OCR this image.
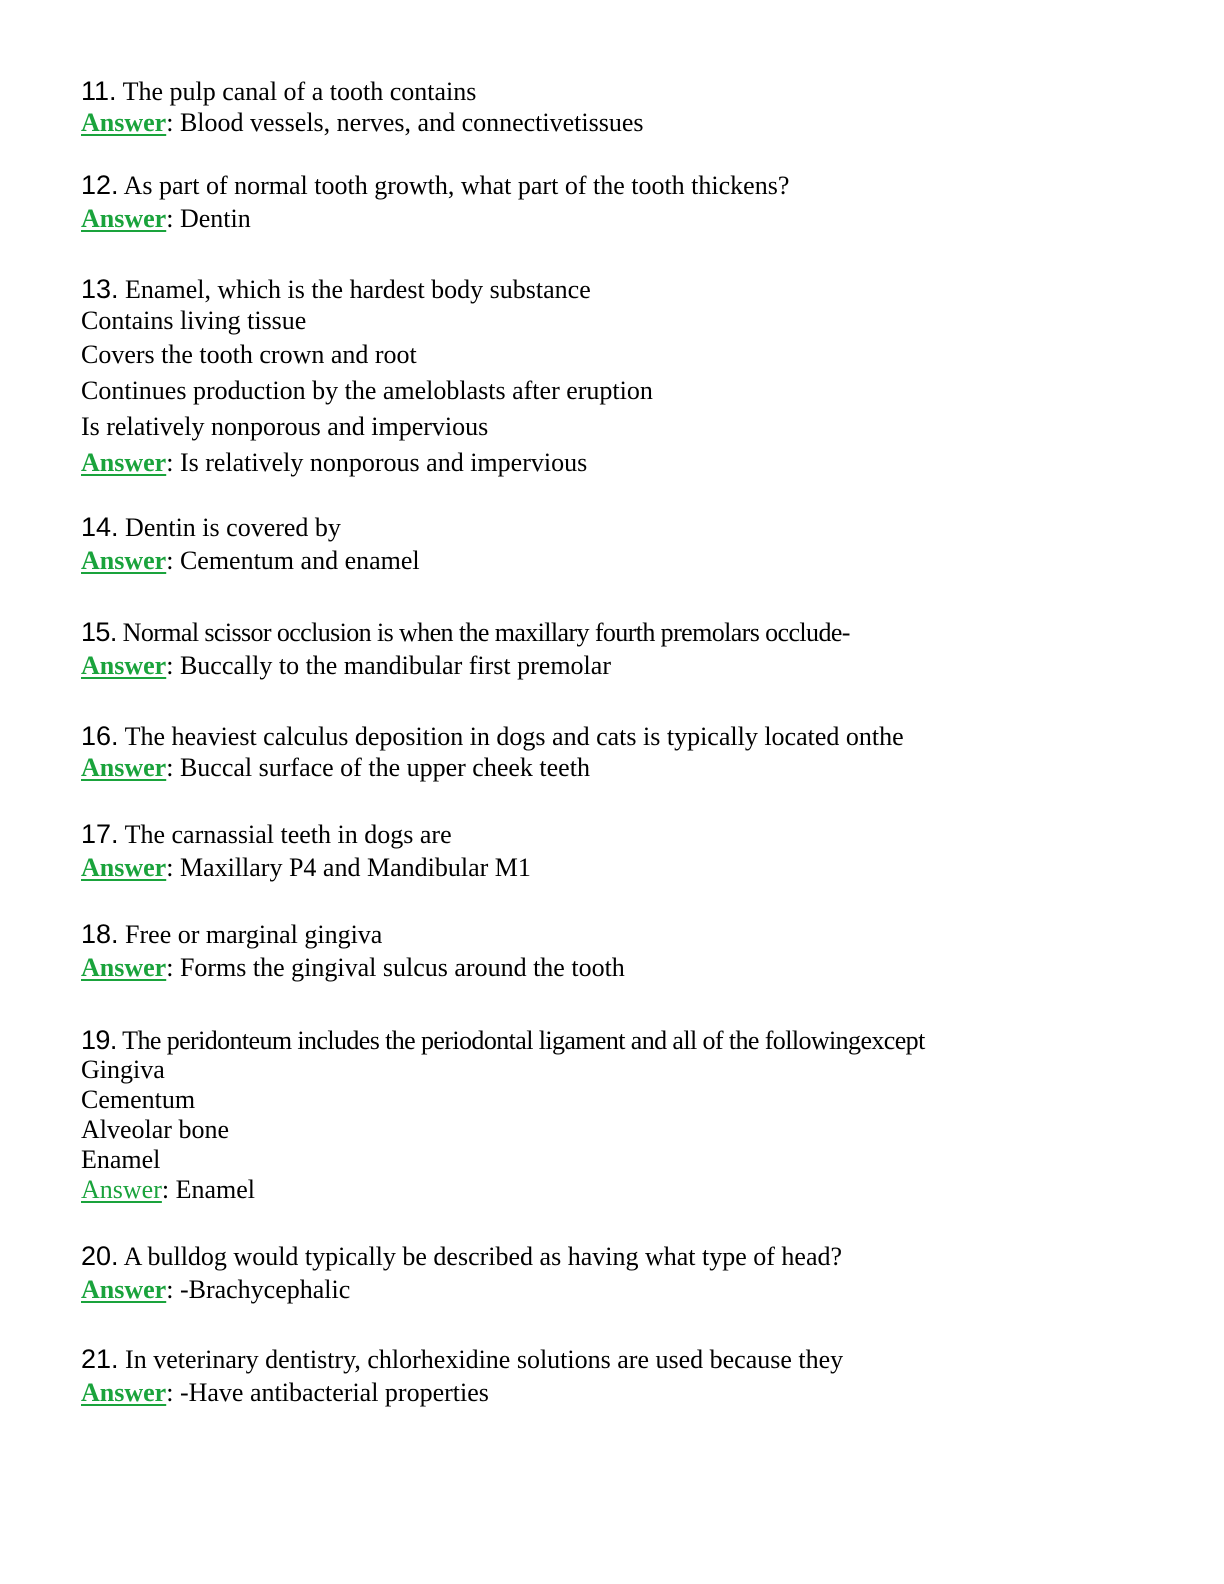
11. The pulp canal of a tooth contains
Answer: Blood vessels, nerves, and connectivetissues
12. As part of normal tooth growth, what part of the tooth thickens?
Answer: Dentin
13. Enamel, which is the hardest body substance
Contains living tissue
Covers the tooth crown and root
Continues production by the ameloblasts after eruption
Is relatively nonporous and impervious
Answer: Is relatively nonporous and impervious
14. Dentin is covered by
Answer: Cementum and enamel
15. Normal scissor occlusion is when the maxillary fourth premolars occlude-
Answer: Buccally to the mandibular first premolar
16. The heaviest calculus deposition in dogs and cats is typically located onthe
Answer: Buccal surface of the upper cheek teeth
17. The carnassial teeth in dogs are
Answer: Maxillary P4 and Mandibular M1
18. Free or marginal gingiva
Answer: Forms the gingival sulcus around the tooth
19. The peridonteum includes the periodontal ligament and all of the followingexcept
Gingiva
Cementum
Alveolar bone
Enamel
Answer: Enamel
20. A bulldog would typically be described as having what type of head?
Answer: -Brachycephalic
21. In veterinary dentistry, chlorhexidine solutions are used because they
Answer: -Have antibacterial properties
